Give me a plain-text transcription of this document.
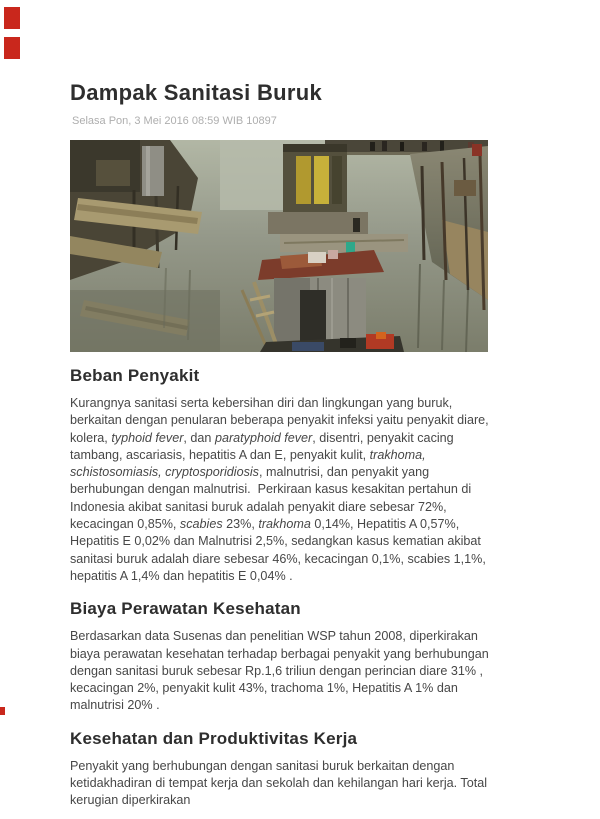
Dampak Sanitasi Buruk
Selasa Pon, 3 Mei 2016 08:59 WIB 10897
Beban Penyakit

Kurangnya sanitasi serta kebersihan diri dan lingkungan yang buruk, berkaitan dengan penularan beberapa penyakit infeksi yaitu penyakit diare, kolera, typhoid fever, dan paratyphoid fever, disentri, penyakit cacing tambang, ascariasis, hepatitis A dan E, penyakit kulit, trakhoma, schistosomiasis, cryptosporidiosis, malnutrisi, dan penyakit yang berhubungan dengan malnutrisi.  Perkiraan kasus kesakitan pertahun di Indonesia akibat sanitasi buruk adalah penyakit diare sebesar 72%, kecacingan 0,85%, scabies 23%, trakhoma 0,14%, Hepatitis A 0,57%, Hepatitis E 0,02% dan Malnutrisi 2,5%, sedangkan kasus kematian akibat sanitasi buruk adalah diare sebesar 46%, kecacingan 0,1%, scabies 1,1%, hepatitis A 1,4% dan hepatitis E 0,04% .

Biaya Perawatan Kesehatan

Berdasarkan data Susenas dan penelitian WSP tahun 2008, diperkirakan biaya perawatan kesehatan terhadap berbagai penyakit yang berhubungan dengan sanitasi buruk sebesar Rp.1,6 triliun dengan perincian diare 31% , kecacingan 2%, penyakit kulit 43%, trachoma 1%, Hepatitis A 1% dan malnutrisi 20% .

Kesehatan dan Produktivitas Kerja

Penyakit yang berhubungan dengan sanitasi buruk berkaitan dengan ketidakhadiran di tempat kerja dan sekolah dan kehilangan hari kerja. Total kerugian diperkirakan
